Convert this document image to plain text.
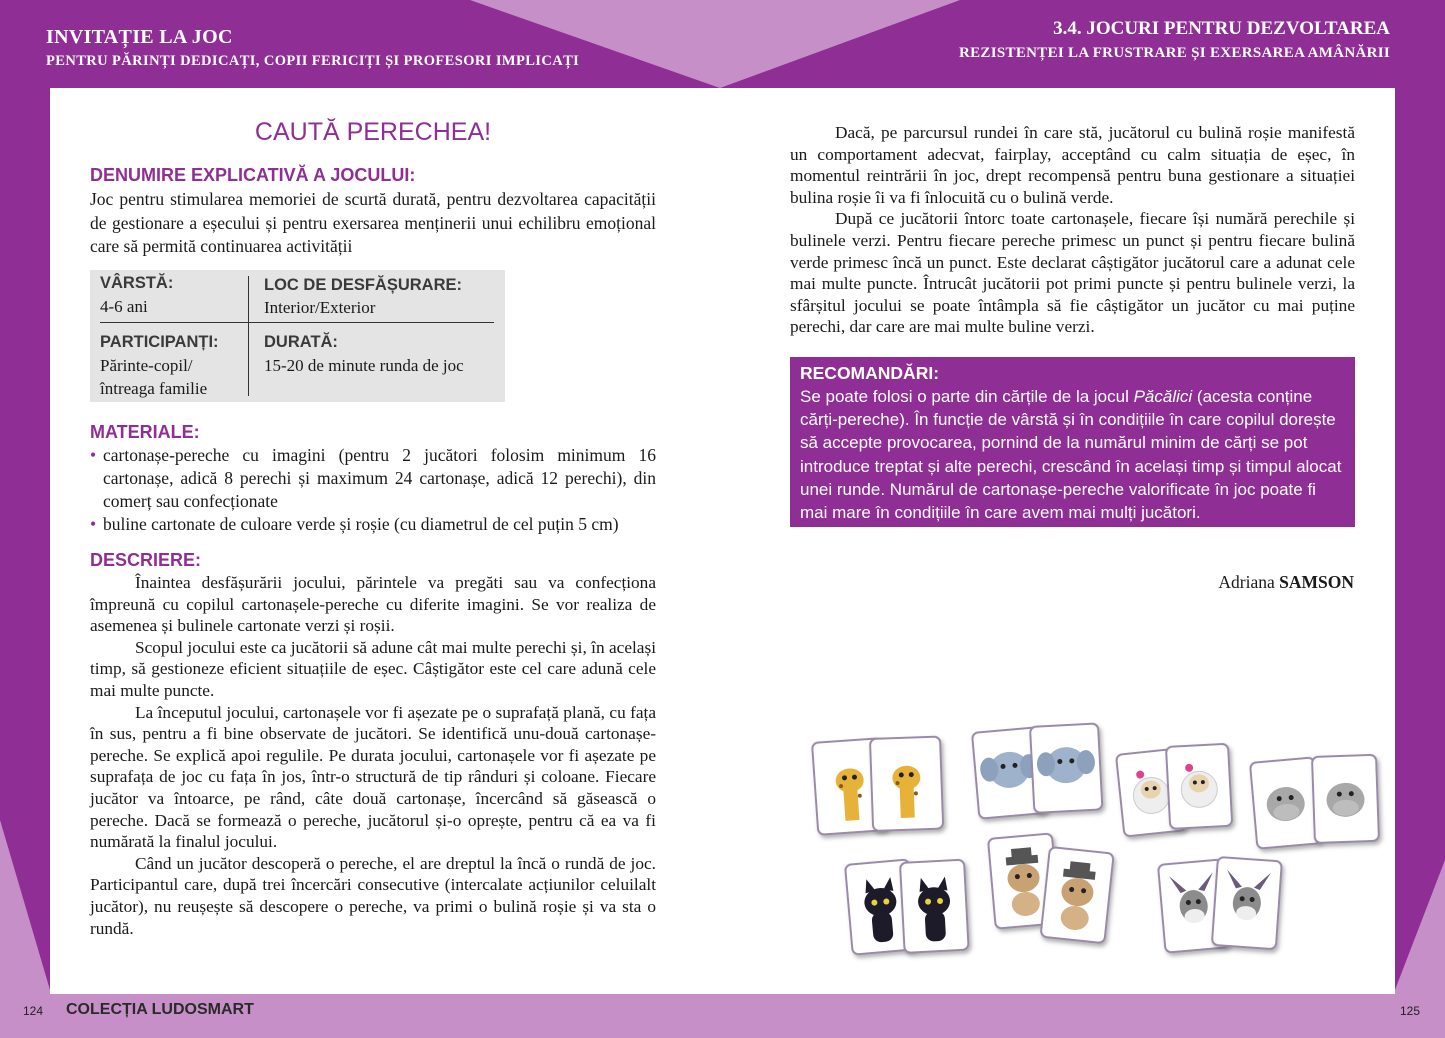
INVITAȚIE LA JOC
PENTRU PĂRINȚI DEDICAȚI, COPII FERICIȚI ȘI PROFESORI IMPLICAȚI
3.4. JOCURI PENTRU DEZVOLTAREA
REZISTENȚEI LA FRUSTRARE ȘI EXERSAREA AMÂNĂRII
CAUTĂ PERECHEA!
DENUMIRE EXPLICATIVĂ A JOCULUI:
Joc pentru stimularea memoriei de scurtă durată, pentru dezvoltarea capacității de gestionare a eșecului și pentru exersarea menținerii unui echilibru emoțional care să permită continuarea activității
VÂRSTĂ:
4-6 ani
LOC DE DESFĂȘURARE:
Interior/Exterior
PARTICIPANȚI:
Părinte-copil/
întreaga familie
DURATĂ:
15-20 de minute runda de joc
MATERIALE:
• cartonașe-pereche cu imagini (pentru 2 jucători folosim minimum 16 cartonașe, adică 8 perechi și maximum 24 cartonașe, adică 12 perechi), din comerț sau confecționate
• buline cartonate de culoare verde și roșie (cu diametrul de cel puțin 5 cm)
DESCRIERE:

Înaintea desfășurării jocului, părintele va pregăti sau va confecționa împreună cu copilul cartonașele-pereche cu diferite imagini. Se vor realiza de asemenea și bulinele cartonate verzi și roșii.

Scopul jocului este ca jucătorii să adune cât mai multe perechi și, în același timp, să gestioneze eficient situațiile de eșec. Câștigător este cel care adună cele mai multe puncte.

La începutul jocului, cartonașele vor fi așezate pe o suprafață plană, cu fața în sus, pentru a fi bine observate de jucători. Se identifică unu-două cartonașe-pereche. Se explică apoi regulile. Pe durata jocului, cartonașele vor fi așezate pe suprafața de joc cu fața în jos, într-o structură de tip rânduri și coloane. Fiecare jucător va întoarce, pe rând, câte două cartonașe, încercând să găsească o pereche. Dacă se formează o pereche, jucătorul și-o oprește, pentru că ea va fi numărată la finalul jocului.

Când un jucător descoperă o pereche, el are dreptul la încă o rundă de joc. Participantul care, după trei încercări consecutive (intercalate acțiunilor celuilalt jucător), nu reușește să descopere o pereche, va primi o bulină roșie și va sta o rundă.

Dacă, pe parcursul rundei în care stă, jucătorul cu bulină roșie manifestă un comportament adecvat, fairplay, acceptând cu calm situația de eșec, în momentul reintrării în joc, drept recompensă pentru buna gestionare a situației bulina roșie îi va fi înlocuită cu o bulină verde.

După ce jucătorii întorc toate cartonașele, fiecare își numără perechile și bulinele verzi. Pentru fiecare pereche primesc un punct și pentru fiecare bulină verde primesc încă un punct. Este declarat câștigător jucătorul care a adunat cele mai multe puncte. Întrucât jucătorii pot primi puncte și pentru bulinele verzi, la sfârșitul jocului se poate întâmpla să fie câștigător un jucător cu mai puține perechi, dar care are mai multe buline verzi.

RECOMANDĂRI:
Se poate folosi o parte din cărțile de la jocul Păcălici (acesta conține cărți-pereche). În funcție de vârstă și în condițiile în care copilul dorește să accepte provocarea, pornind de la numărul minim de cărți se pot introduce treptat și alte perechi, crescând în același timp și timpul alocat unei runde. Numărul de cartonașe-pereche valorificate în joc poate fi mai mare în condițiile în care avem mai mulți jucători.
Adriana SAMSON
124 COLECȚIA LUDOSMART	125
